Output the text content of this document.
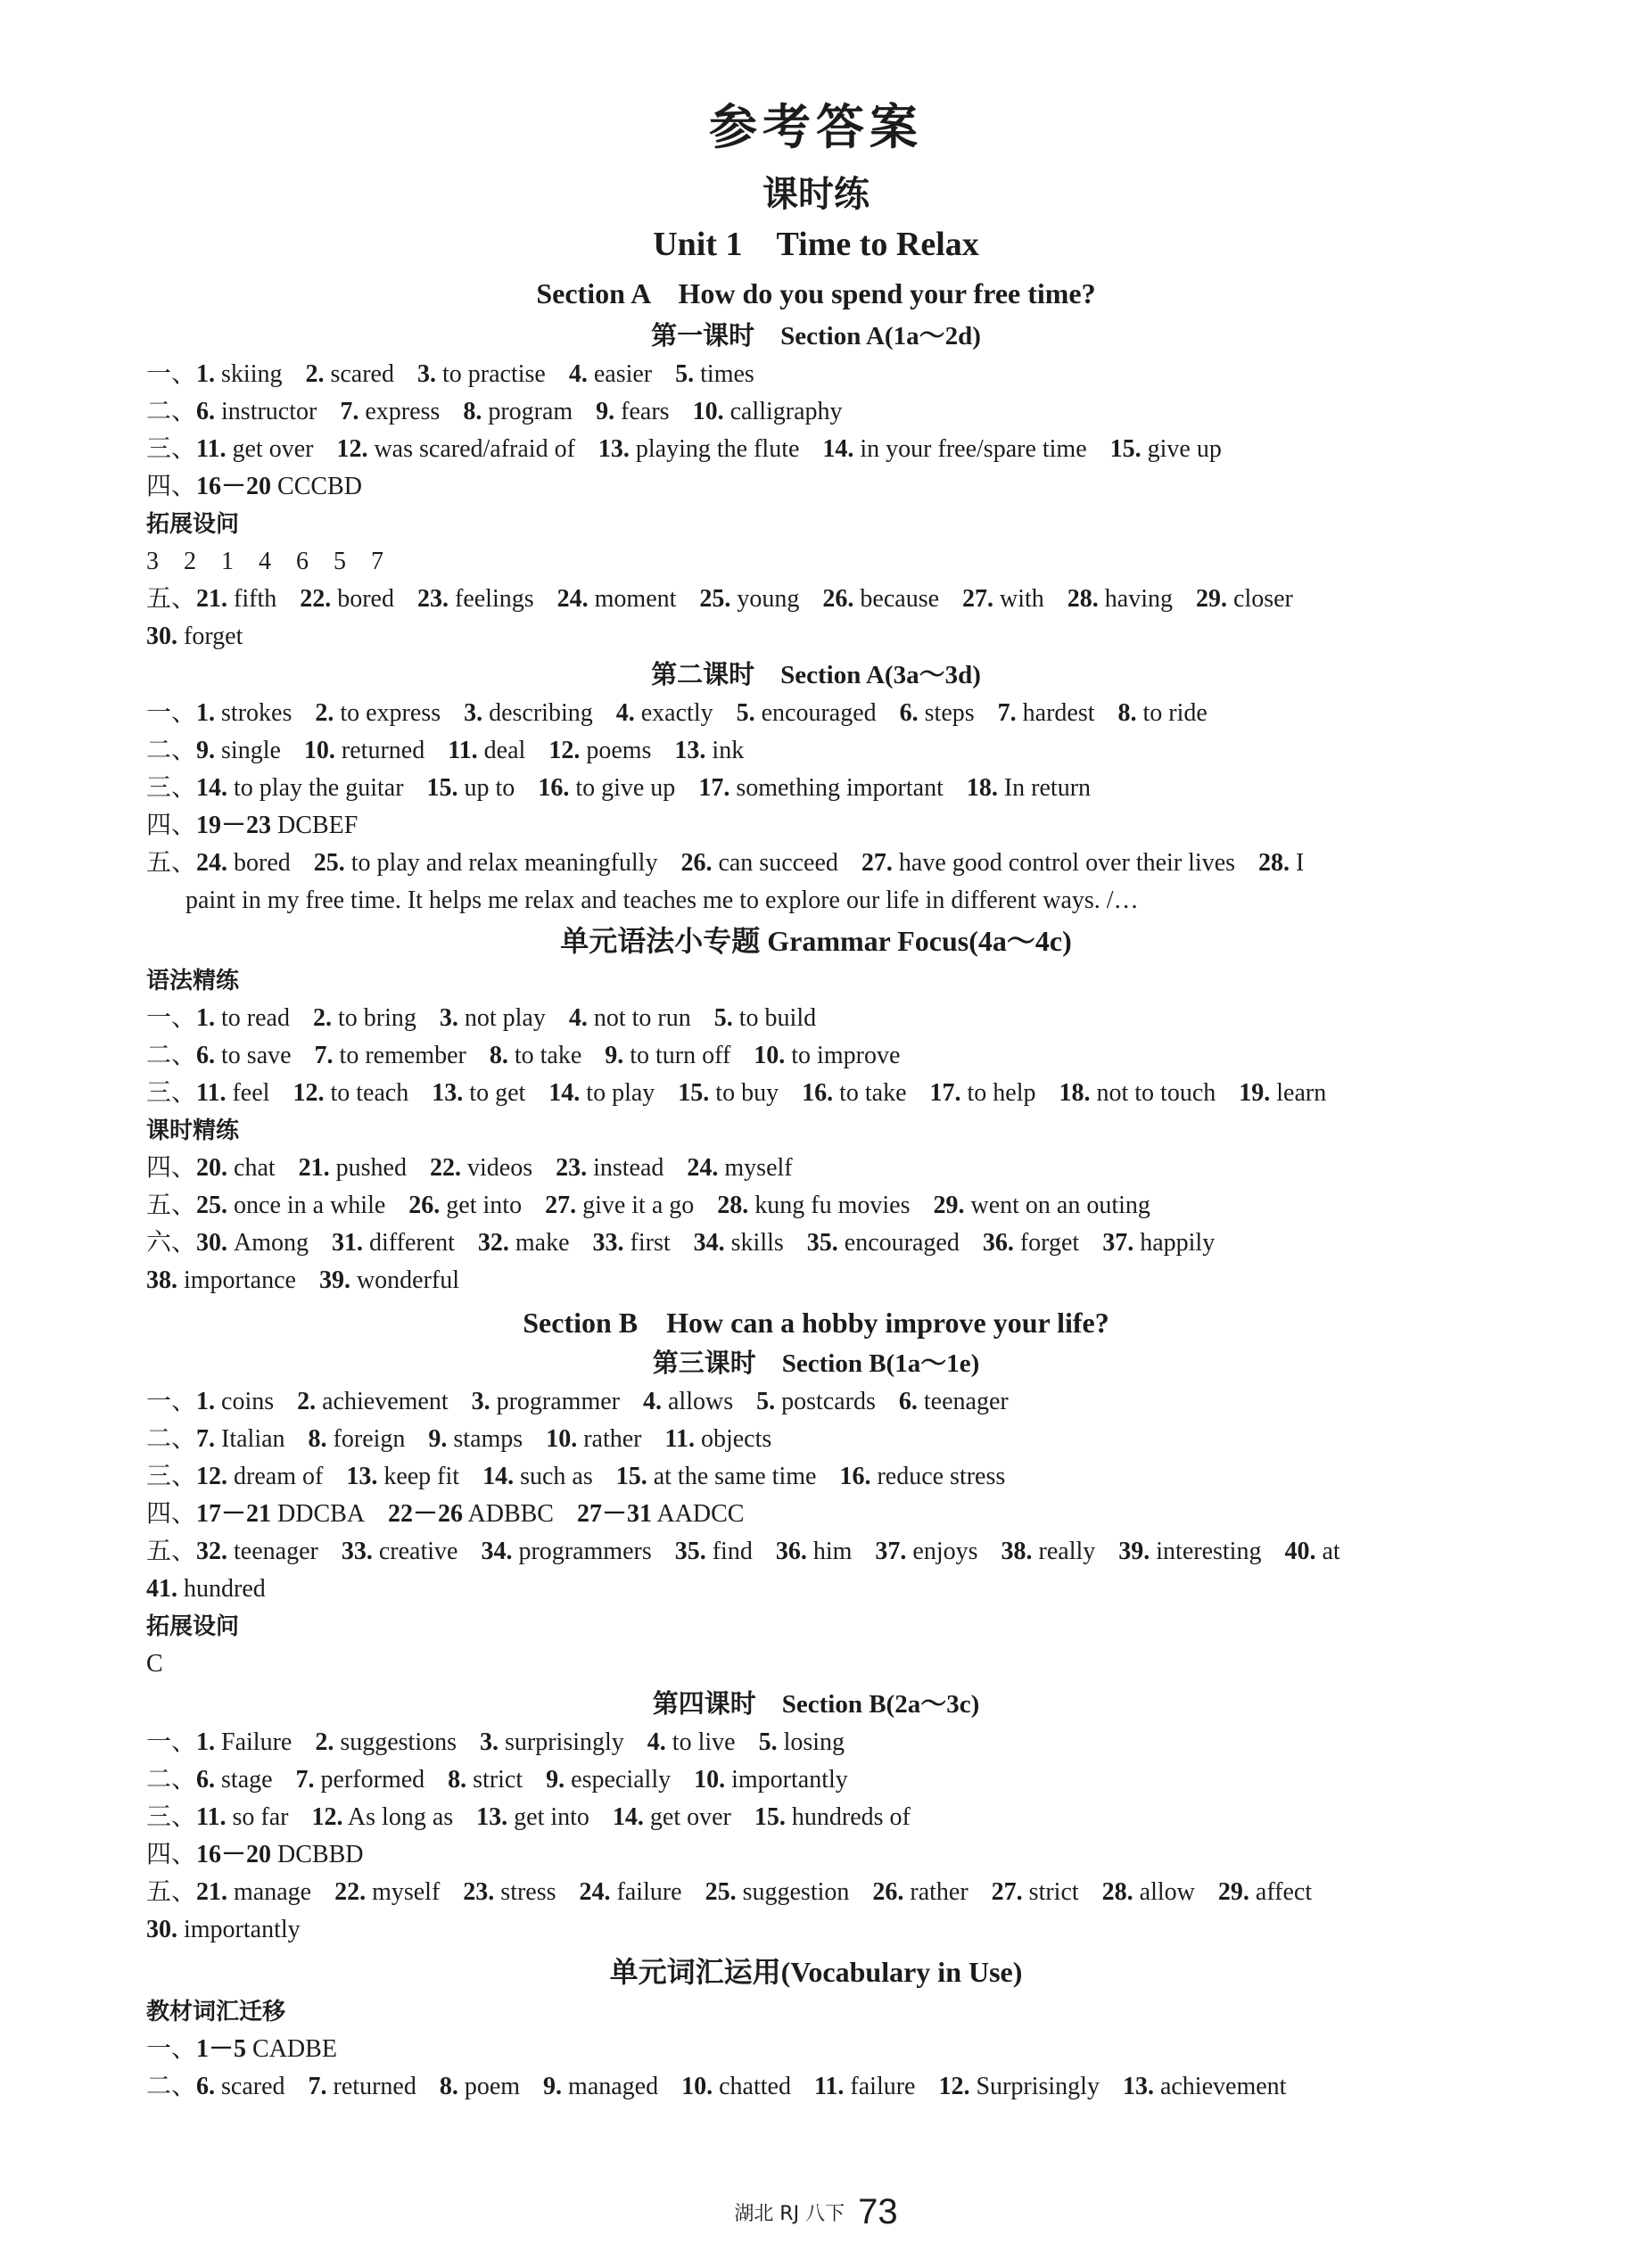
参考答案
课时练
Unit 1　Time to Relax
Section A　How do you spend your free time?
第一课时　Section A(1a～2d)
一、1. skiing 2. scared 3. to practise 4. easier 5. times
二、6. instructor 7. express 8. program 9. fears 10. calligraphy
三、11. get over 12. was scared/afraid of 13. playing the flute 14. in your free/spare time 15. give up
四、16－20 CCCBD
拓展设问
3　2　1　4　6　5　7
五、21. fifth 22. bored 23. feelings 24. moment 25. young 26. because 27. with 28. having 29. closer
30. forget
第二课时　Section A(3a～3d)
一、1. strokes 2. to express 3. describing 4. exactly 5. encouraged 6. steps 7. hardest 8. to ride
二、9. single 10. returned 11. deal 12. poems 13. ink
三、14. to play the guitar 15. up to 16. to give up 17. something important 18. In return
四、19－23 DCBEF
五、24. bored 25. to play and relax meaningfully 26. can succeed 27. have good control over their lives 28. I
paint in my free time. It helps me relax and teaches me to explore our life in different ways. /…
单元语法小专题 Grammar Focus(4a～4c)
语法精练
一、1. to read 2. to bring 3. not play 4. not to run 5. to build
二、6. to save 7. to remember 8. to take 9. to turn off 10. to improve
三、11. feel 12. to teach 13. to get 14. to play 15. to buy 16. to take 17. to help 18. not to touch 19. learn
课时精练
四、20. chat 21. pushed 22. videos 23. instead 24. myself
五、25. once in a while 26. get into 27. give it a go 28. kung fu movies 29. went on an outing
六、30. Among 31. different 32. make 33. first 34. skills 35. encouraged 36. forget 37. happily
38. importance 39. wonderful
Section B　How can a hobby improve your life?
第三课时　Section B(1a～1e)
一、1. coins 2. achievement 3. programmer 4. allows 5. postcards 6. teenager
二、7. Italian 8. foreign 9. stamps 10. rather 11. objects
三、12. dream of 13. keep fit 14. such as 15. at the same time 16. reduce stress
四、17－21 DDCBA 22－26 ADBBC 27－31 AADCC
五、32. teenager 33. creative 34. programmers 35. find 36. him 37. enjoys 38. really 39. interesting 40. at
41. hundred
拓展设问
C
第四课时　Section B(2a～3c)
一、1. Failure 2. suggestions 3. surprisingly 4. to live 5. losing
二、6. stage 7. performed 8. strict 9. especially 10. importantly
三、11. so far 12. As long as 13. get into 14. get over 15. hundreds of
四、16－20 DCBBD
五、21. manage 22. myself 23. stress 24. failure 25. suggestion 26. rather 27. strict 28. allow 29. affect
30. importantly
单元词汇运用(Vocabulary in Use)
教材词汇迁移
一、1－5 CADBE
二、6. scared 7. returned 8. poem 9. managed 10. chatted 11. failure 12. Surprisingly 13. achievement
湖北 RJ 八下 73
